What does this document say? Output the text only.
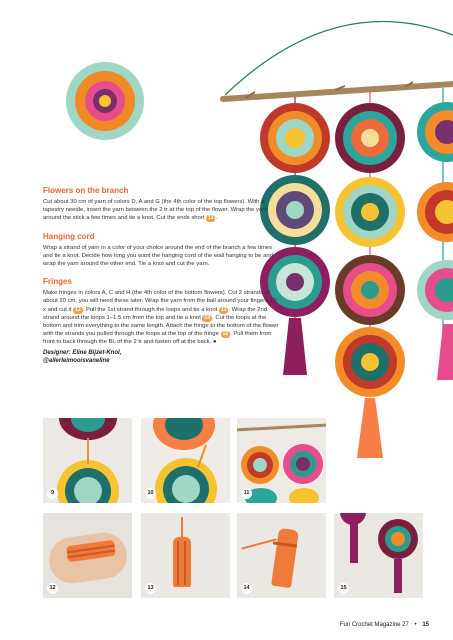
Flowers on the branch

Cut about 30 cm of yarn of colors D, A and G (the 4th color of the top flowers). With a tapestry needle, insert the yarn between the 2 tr at the top of the flower. Wrap the yarn around the stick a few times and tie a knot. Cut the ends short 11 .

Hanging cord

Wrap a strand of yarn in a color of your choice around the end of the branch a few times and tie a knot. Decide how long you want the hanging cord of the wall hanging to be and wrap the yarn around the other end. Tie a knot and cut the yarn.

Fringes

Make fringes in colors A, C and H (the 4th color of the bottom flowers). Cut 2 strands of about 20 cm, you will need these later. Wrap the yarn from the ball around your fingers 12 x and cut it 12 . Pull the 1st strand through the loops and tie a knot 13 . Wrap the 2nd strand around the loops 1–1.5 cm from the top and tie a knot 14 . Cut the loops at the bottom and trim everything to the same length. Attach the fringe to the bottom of the flower with the strands you pulled through the loops at the top of the fringe 15 . Pull them from front to back through the BL of the 2 tr and fasten off at the back. ●

Designer: Eline Bijzet-Knol,
@allerleimooisvaneline
9	10	11
12	13	14	15
Fun Crochet Magazine 27 • 15
